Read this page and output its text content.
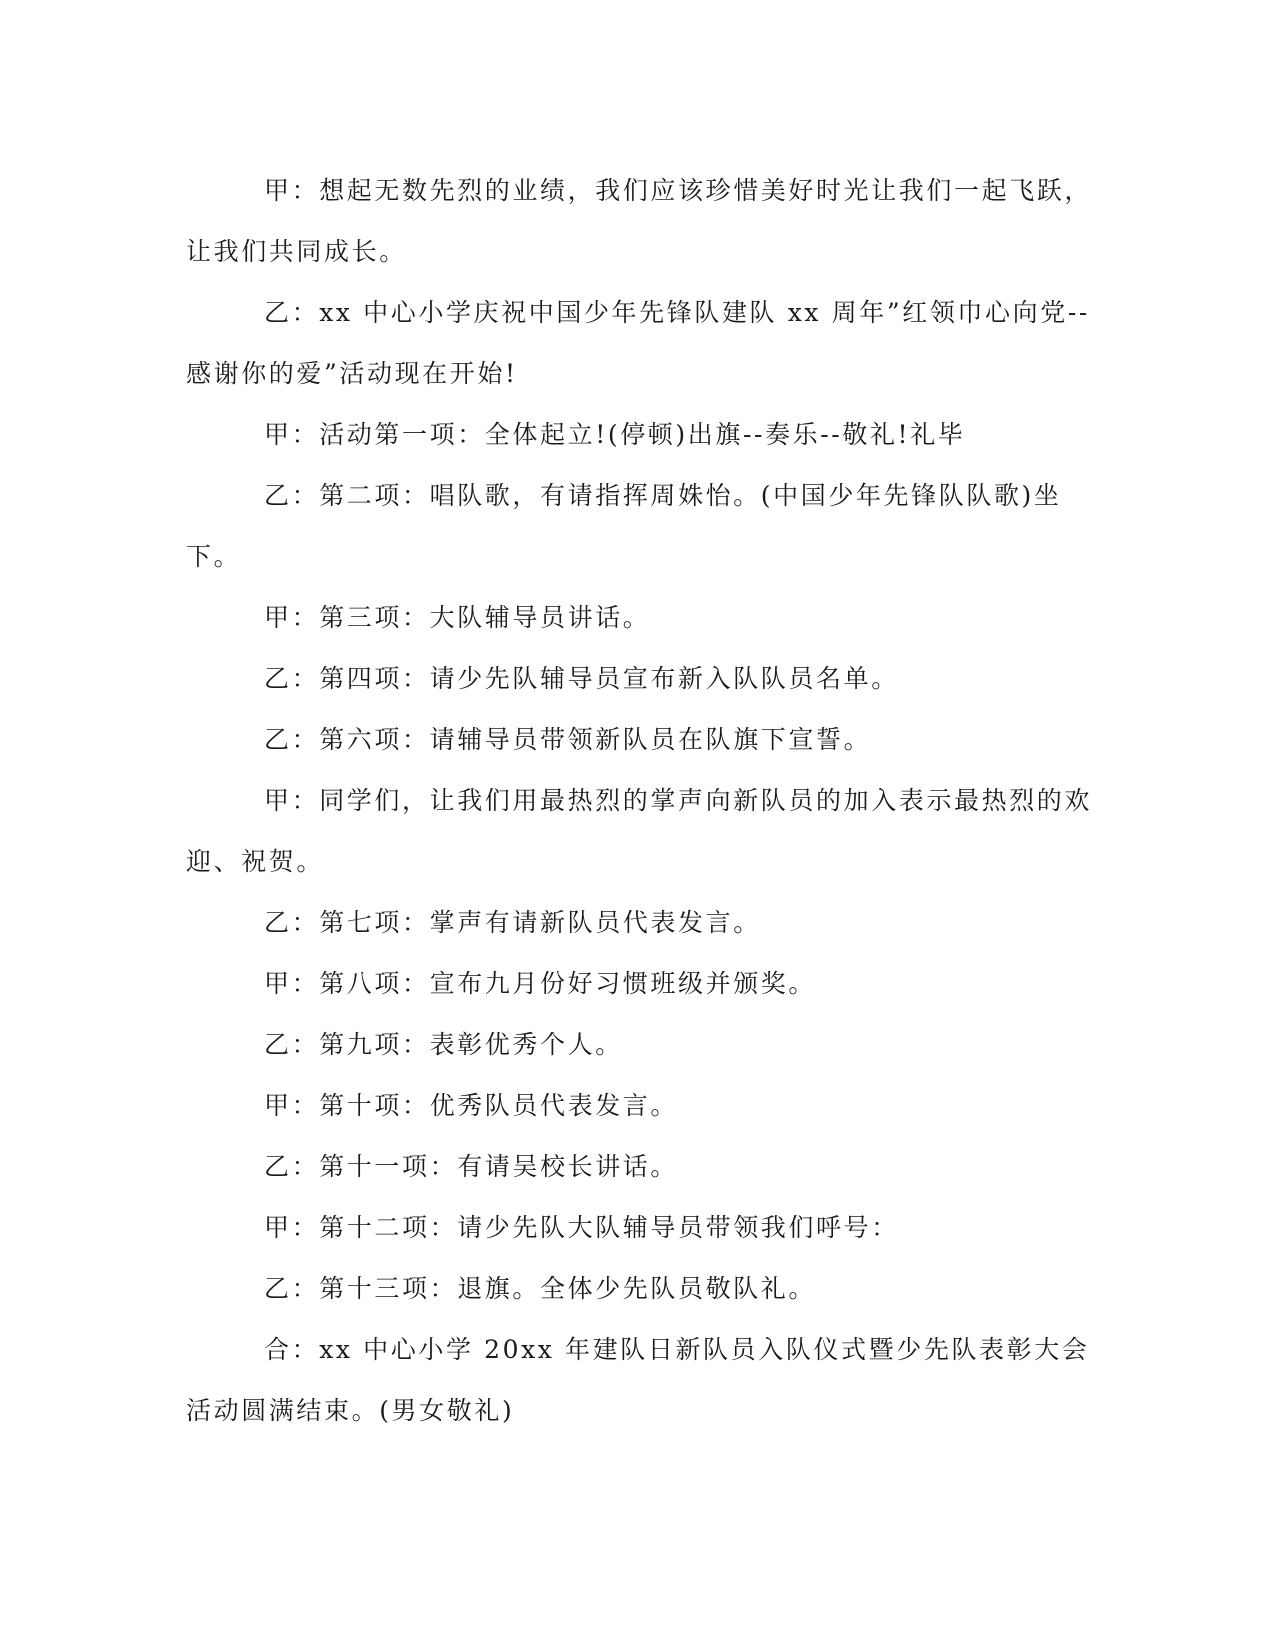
甲：想起无数先烈的业绩，我们应该珍惜美好时光让我们一起飞跃，让我们共同成长。

乙：xx 中心小学庆祝中国少年先锋队建队 xx 周年”红领巾心向党--感谢你的爱”活动现在开始!

甲：活动第一项：全体起立!(停顿)出旗--奏乐--敬礼!礼毕

乙：第二项：唱队歌，有请指挥周姝怡。(中国少年先锋队队歌)坐下。

甲：第三项：大队辅导员讲话。

乙：第四项：请少先队辅导员宣布新入队队员名单。

乙：第六项：请辅导员带领新队员在队旗下宣誓。

甲：同学们，让我们用最热烈的掌声向新队员的加入表示最热烈的欢迎、祝贺。

乙：第七项：掌声有请新队员代表发言。

甲：第八项：宣布九月份好习惯班级并颁奖。

乙：第九项：表彰优秀个人。

甲：第十项：优秀队员代表发言。

乙：第十一项：有请吴校长讲话。

甲：第十二项：请少先队大队辅导员带领我们呼号：

乙：第十三项：退旗。全体少先队员敬队礼。

合：xx 中心小学 20xx 年建队日新队员入队仪式暨少先队表彰大会活动圆满结束。(男女敬礼)
